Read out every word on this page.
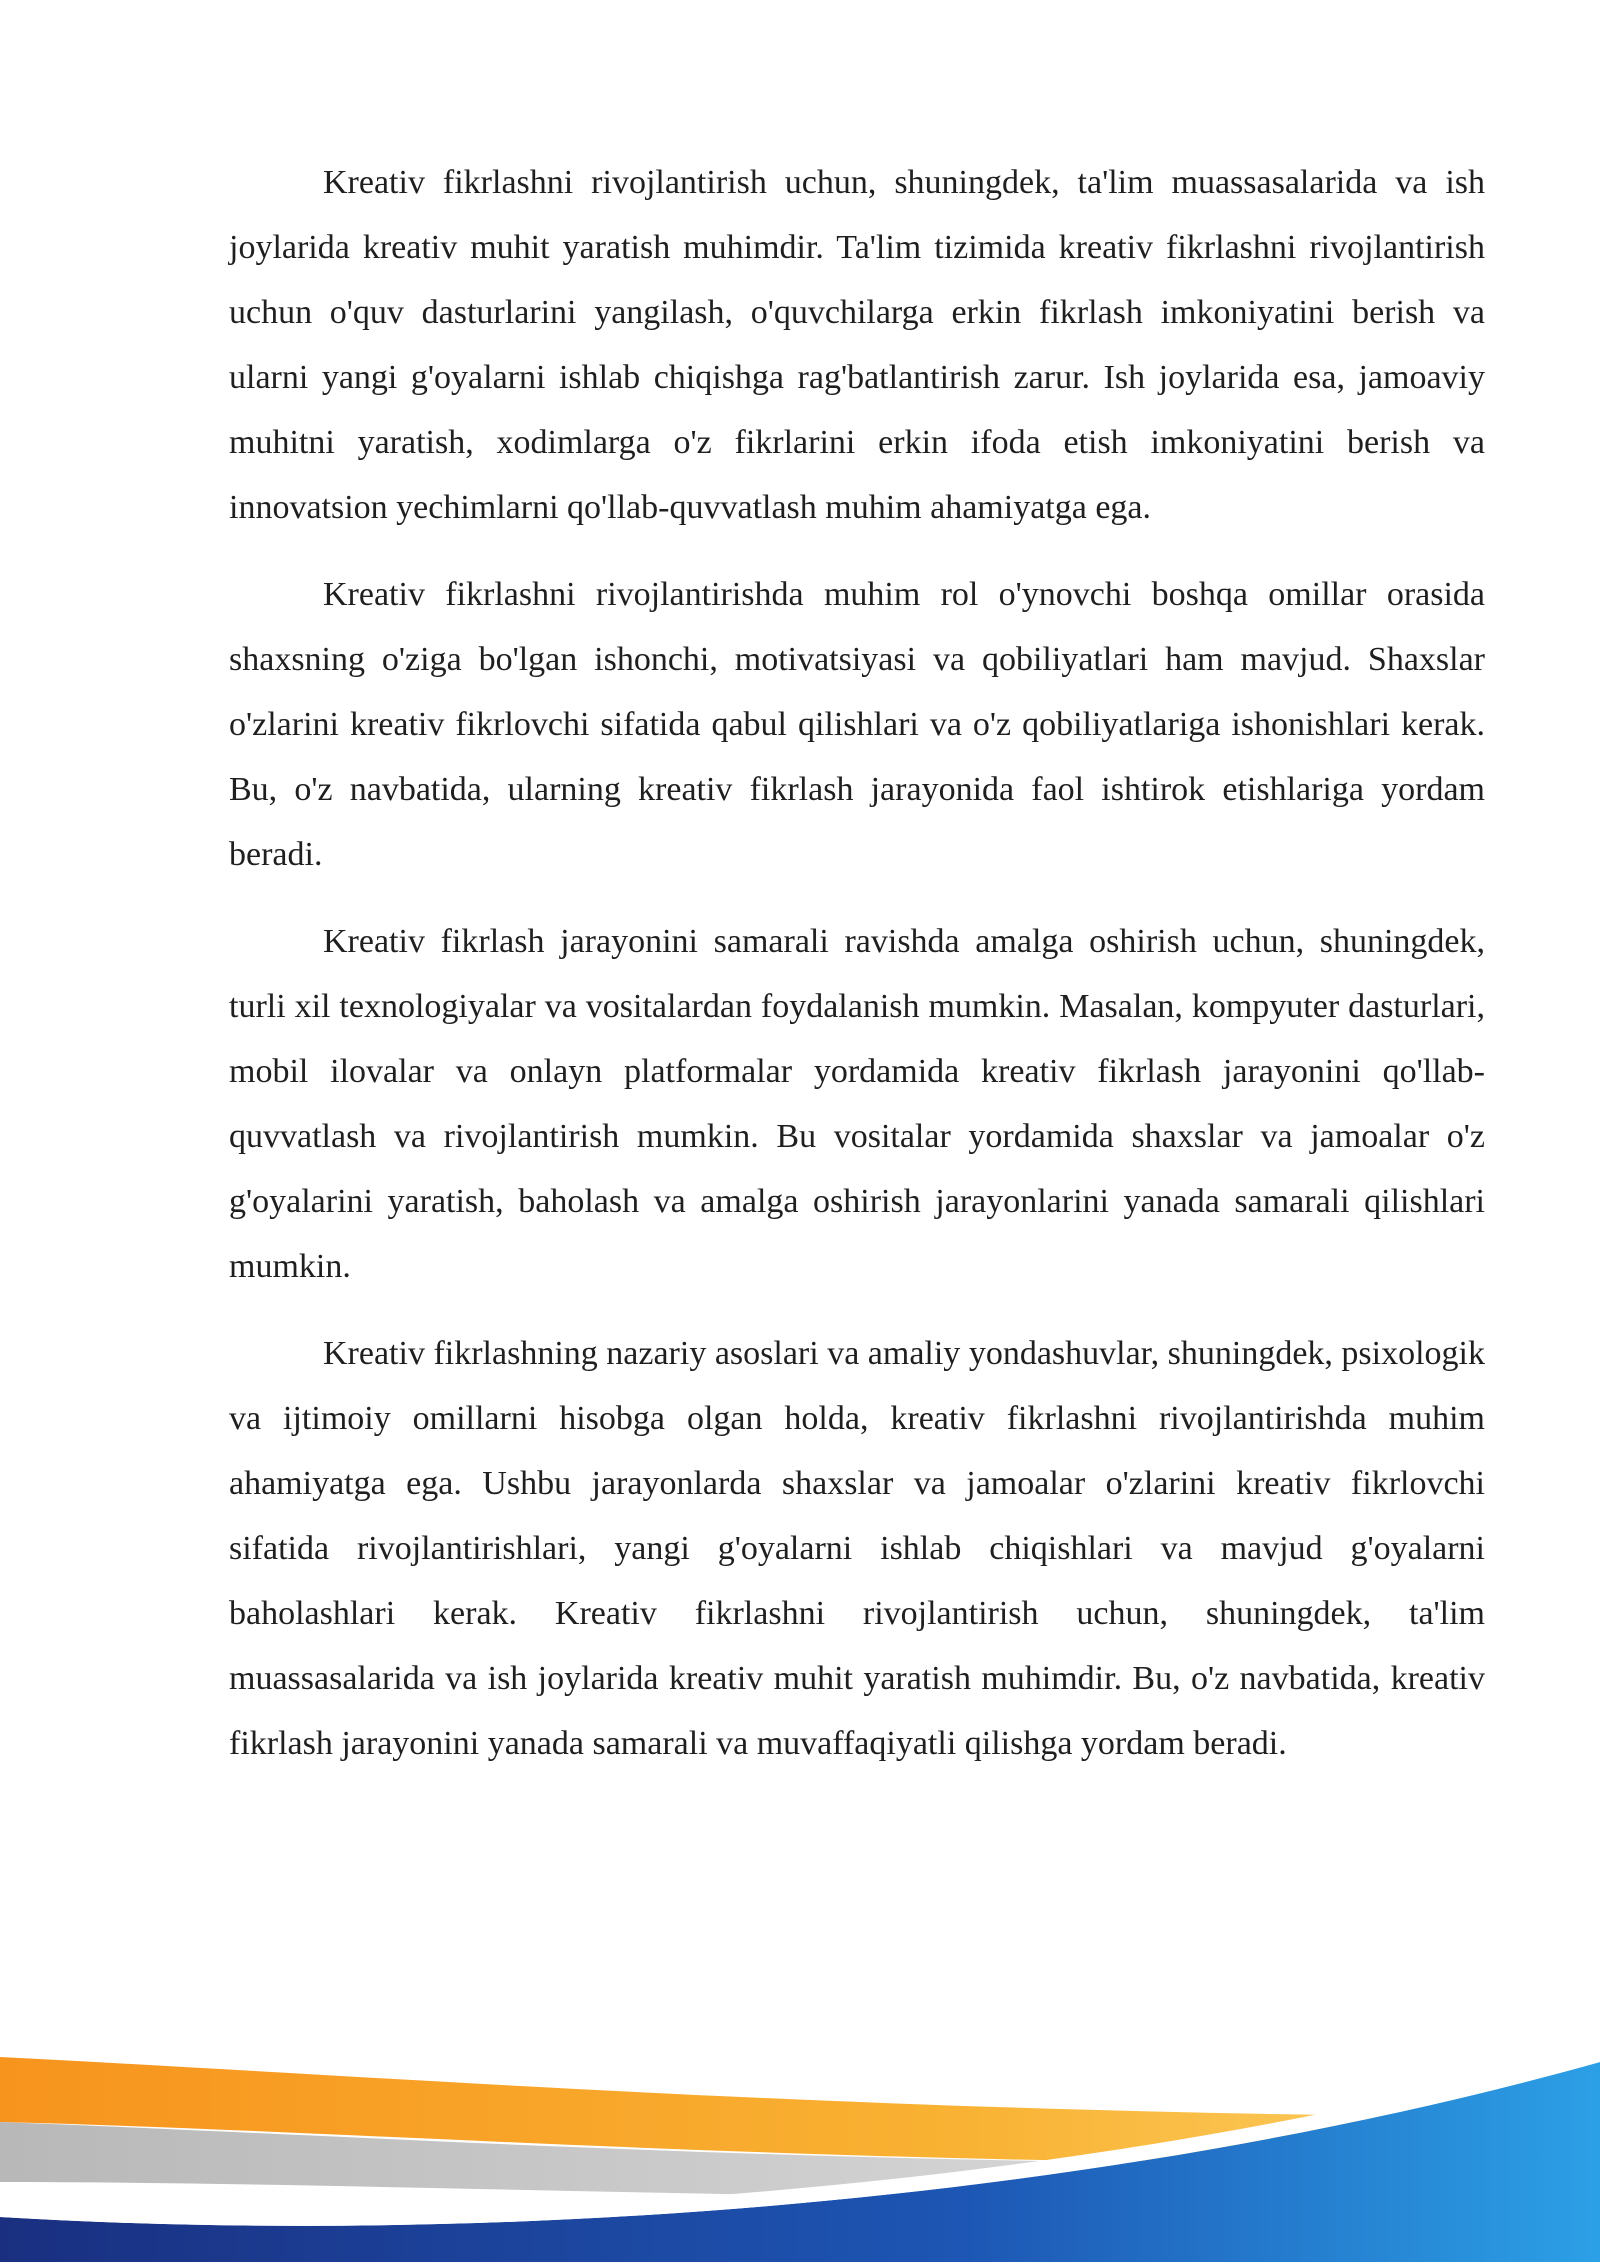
Kreativ fikrlashni rivojlantirish uchun, shuningdek, ta'lim muassasalarida va ish joylarida kreativ muhit yaratish muhimdir. Ta'lim tizimida kreativ fikrlashni rivojlantirish uchun o'quv dasturlarini yangilash, o'quvchilarga erkin fikrlash imkoniyatini berish va ularni yangi g'oyalarni ishlab chiqishga rag'batlantirish zarur. Ish joylarida esa, jamoaviy muhitni yaratish, xodimlarga o'z fikrlarini erkin ifoda etish imkoniyatini berish va innovatsion yechimlarni qo'llab-quvvatlash muhim ahamiyatga ega.

Kreativ fikrlashni rivojlantirishda muhim rol o'ynovchi boshqa omillar orasida shaxsning o'ziga bo'lgan ishonchi, motivatsiyasi va qobiliyatlari ham mavjud. Shaxslar o'zlarini kreativ fikrlovchi sifatida qabul qilishlari va o'z qobiliyatlariga ishonishlari kerak. Bu, o'z navbatida, ularning kreativ fikrlash jarayonida faol ishtirok etishlariga yordam beradi.

Kreativ fikrlash jarayonini samarali ravishda amalga oshirish uchun, shuningdek, turli xil texnologiyalar va vositalardan foydalanish mumkin. Masalan, kompyuter dasturlari, mobil ilovalar va onlayn platformalar yordamida kreativ fikrlash jarayonini qo'llab-quvvatlash va rivojlantirish mumkin. Bu vositalar yordamida shaxslar va jamoalar o'z g'oyalarini yaratish, baholash va amalga oshirish jarayonlarini yanada samarali qilishlari mumkin.

Kreativ fikrlashning nazariy asoslari va amaliy yondashuvlar, shuningdek, psixologik va ijtimoiy omillarni hisobga olgan holda, kreativ fikrlashni rivojlantirishda muhim ahamiyatga ega. Ushbu jarayonlarda shaxslar va jamoalar o'zlarini kreativ fikrlovchi sifatida rivojlantirishlari, yangi g'oyalarni ishlab chiqishlari va mavjud g'oyalarni baholashlari kerak. Kreativ fikrlashni rivojlantirish uchun, shuningdek, ta'lim muassasalarida va ish joylarida kreativ muhit yaratish muhimdir. Bu, o'z navbatida, kreativ fikrlash jarayonini yanada samarali va muvaffaqiyatli qilishga yordam beradi.
